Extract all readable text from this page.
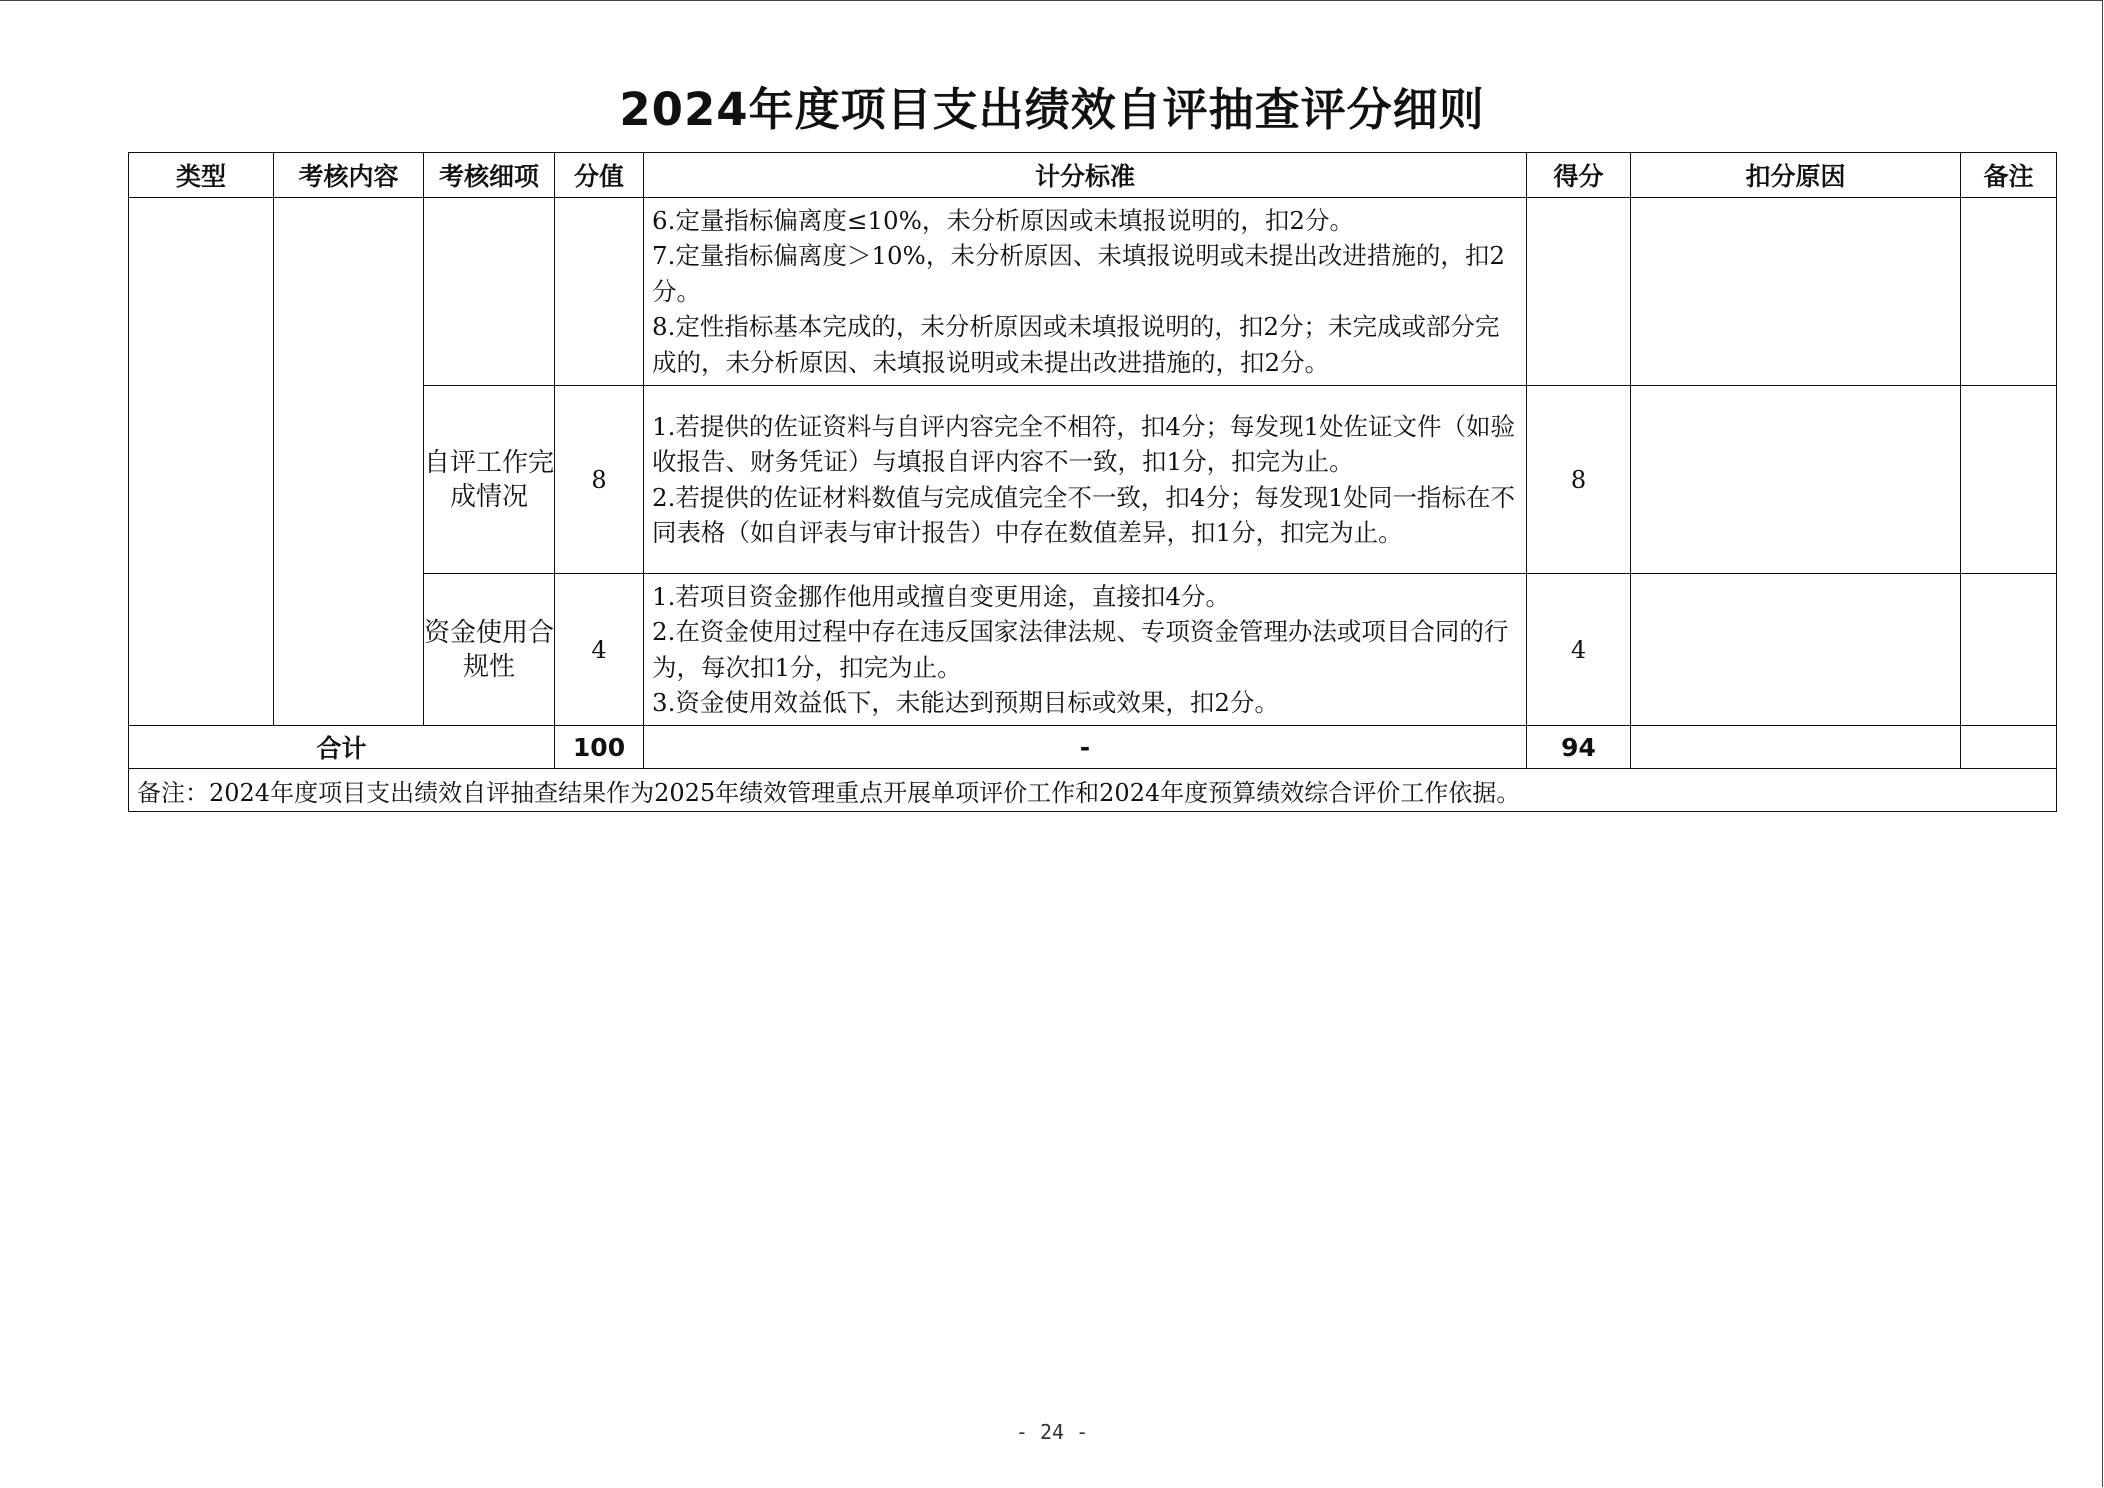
2024年度项目支出绩效自评抽查评分细则
类型	考核内容	考核细项	分值	计分标准	得分	扣分原因	备注

				6.定量指标偏离度≤10%，未分析原因或未填报说明的，扣2分。
7.定量指标偏离度＞10%，未分析原因、未填报说明或未提出改进措施的，扣2分。
8.定性指标基本完成的，未分析原因或未填报说明的，扣2分；未完成或部分完成的，未分析原因、未填报说明或未提出改进措施的，扣2分。			

		自评工作完成情况	8	1.若提供的佐证资料与自评内容完全不相符，扣4分；每发现1处佐证文件（如验收报告、财务凭证）与填报自评内容不一致，扣1分，扣完为止。
2.若提供的佐证材料数值与完成值完全不一致，扣4分；每发现1处同一指标在不同表格（如自评表与审计报告）中存在数值差异，扣1分，扣完为止。	8		
		资金使用合规性	4	1.若项目资金挪作他用或擅自变更用途，直接扣4分。
2.在资金使用过程中存在违反国家法律法规、专项资金管理办法或项目合同的行为，每次扣1分，扣完为止。
3.资金使用效益低下，未能达到预期目标或效果，扣2分。	4		
合计			100	-	94		
备注：2024年度项目支出绩效自评抽查结果作为2025年绩效管理重点开展单项评价工作和2024年度预算绩效综合评价工作依据。							
- 24 -
